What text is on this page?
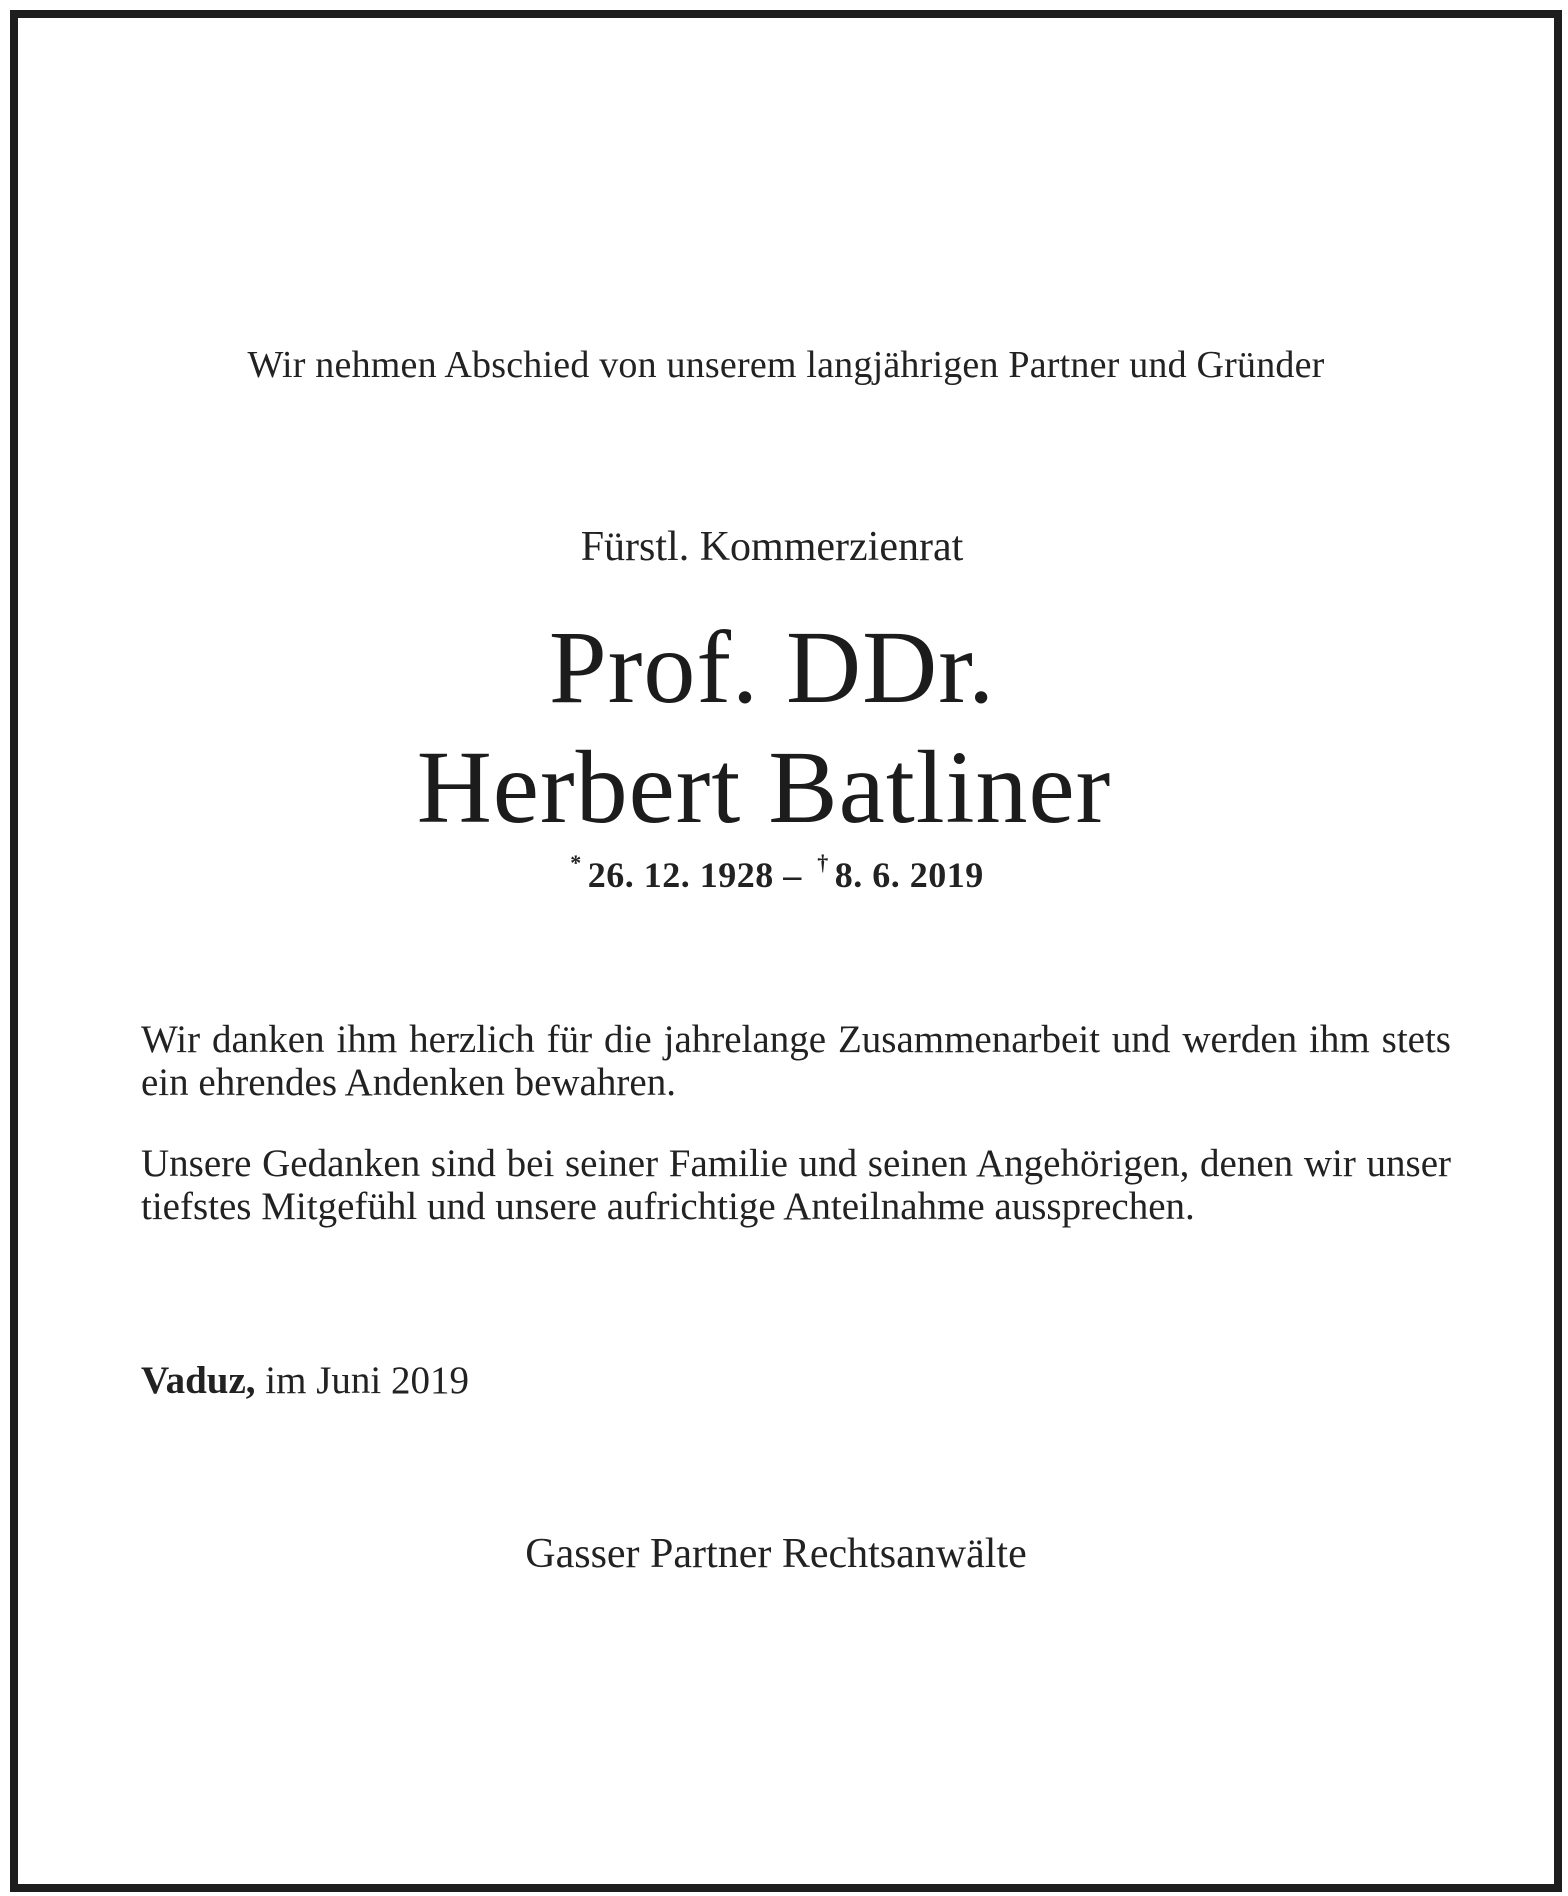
Wir nehmen Abschied von unserem langjährigen Partner und Gründer
Fürstl. Kommerzienrat
Prof. DDr.
Herbert Batliner
* 26. 12. 1928 – † 8. 6. 2019
Wir danken ihm herzlich für die jahrelange Zusammenarbeit und werden ihm stets ein ehrendes Andenken bewahren.
Unsere Gedanken sind bei seiner Familie und seinen Angehörigen, denen wir unser tiefstes Mitgefühl und unsere aufrichtige Anteilnahme aussprechen.
Vaduz, im Juni 2019
Gasser Partner Rechtsanwälte
